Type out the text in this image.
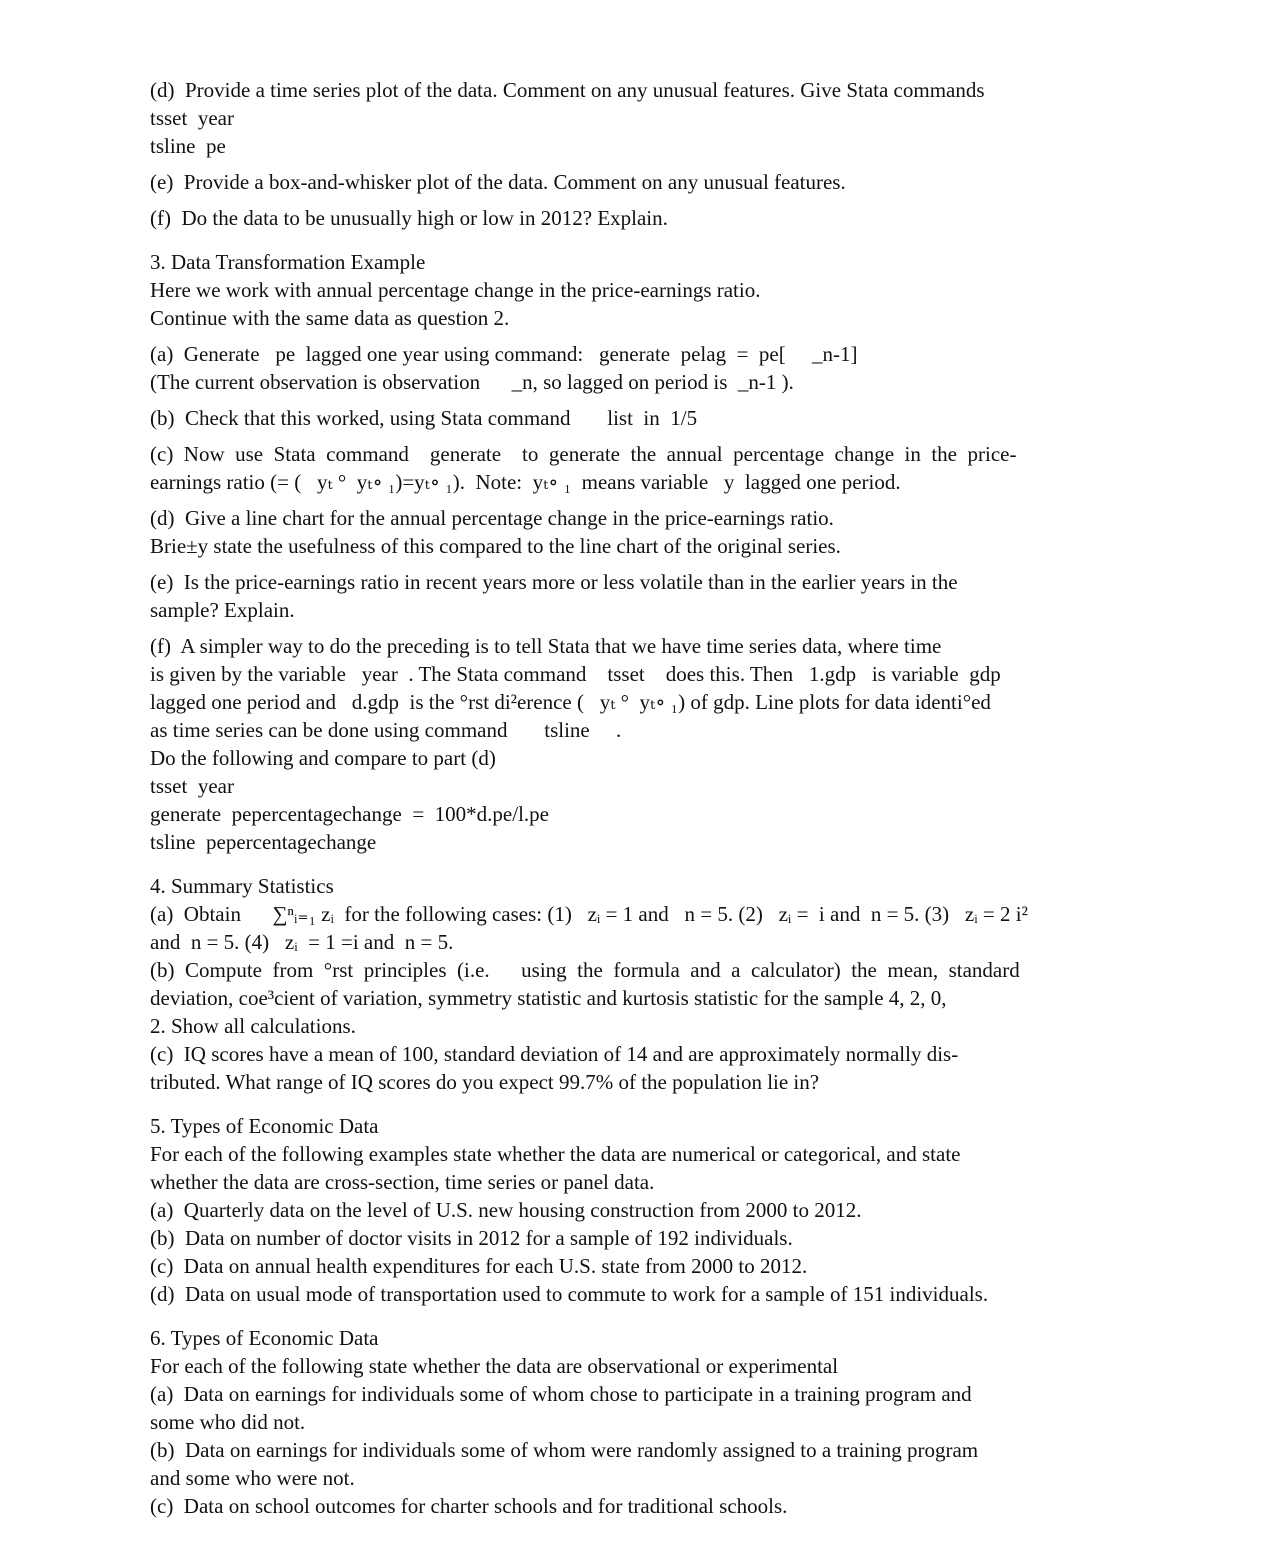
(d)  Provide a time series plot of the data. Comment on any unusual features. Give Stata commands
tsset  year
tsline  pe
(e)  Provide a box-and-whisker plot of the data. Comment on any unusual features.
(f)  Do the data to be unusually high or low in 2012? Explain.
3. Data Transformation Example
Here we work with annual percentage change in the price-earnings ratio.
Continue with the same data as question 2.
(a)  Generate   pe  lagged one year using command:   generate  pelag  =  pe[     _n-1]
(The current observation is observation      _n, so lagged on period is  _n-1 ).
(b)  Check that this worked, using Stata command       list  in  1/5
(c)  Now  use  Stata  command    generate    to  generate  the  annual  percentage  change  in  the  price-
earnings ratio (= (   yₜ °  yₜ∘ ₁)=yₜ∘ ₁).  Note:  yₜ∘ ₁  means variable   y  lagged one period.
(d)  Give a line chart for the annual percentage change in the price-earnings ratio.
Brie±y state the usefulness of this compared to the line chart of the original series.
(e)  Is the price-earnings ratio in recent years more or less volatile than in the earlier years in the
sample? Explain.
(f)  A simpler way to do the preceding is to tell Stata that we have time series data, where time
is given by the variable   year  . The Stata command    tsset    does this. Then   1.gdp   is variable  gdp
lagged one period and   d.gdp  is the °rst di²erence (   yₜ °  yₜ∘ ₁) of gdp. Line plots for data identi°ed
as time series can be done using command       tsline     .
Do the following and compare to part (d)
tsset  year
generate  pepercentagechange  =  100*d.pe/l.pe
tsline  pepercentagechange
4. Summary Statistics
(a)  Obtain      ∑ⁿᵢ₌₁ zᵢ  for the following cases: (1)   zᵢ = 1 and   n = 5. (2)   zᵢ =  i and  n = 5. (3)   zᵢ = 2 i²
and  n = 5. (4)   zᵢ  = 1 =i and  n = 5.
(b)  Compute  from  °rst  principles  (i.e.      using  the  formula  and  a  calculator)  the  mean,  standard
deviation, coe³cient of variation, symmetry statistic and kurtosis statistic for the sample 4, 2, 0,
2. Show all calculations.
(c)  IQ scores have a mean of 100, standard deviation of 14 and are approximately normally dis-
tributed. What range of IQ scores do you expect 99.7% of the population lie in?
5. Types of Economic Data
For each of the following examples state whether the data are numerical or categorical, and state
whether the data are cross-section, time series or panel data.
(a)  Quarterly data on the level of U.S. new housing construction from 2000 to 2012.
(b)  Data on number of doctor visits in 2012 for a sample of 192 individuals.
(c)  Data on annual health expenditures for each U.S. state from 2000 to 2012.
(d)  Data on usual mode of transportation used to commute to work for a sample of 151 individuals.
6. Types of Economic Data
For each of the following state whether the data are observational or experimental
(a)  Data on earnings for individuals some of whom chose to participate in a training program and
some who did not.
(b)  Data on earnings for individuals some of whom were randomly assigned to a training program
and some who were not.
(c)  Data on school outcomes for charter schools and for traditional schools.
